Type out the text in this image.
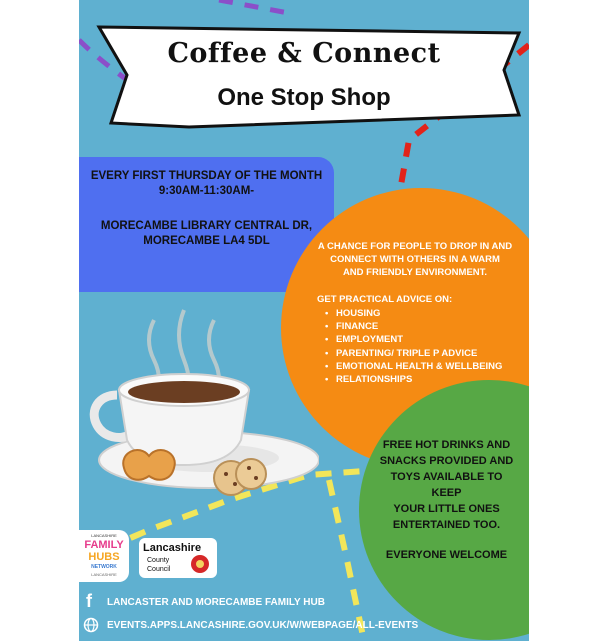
Coffee & Connect
One Stop Shop
EVERY FIRST THURSDAY OF THE MONTH
9:30AM-11:30AM-
MORECAMBE LIBRARY CENTRAL DR,
MORECAMBE LA4 5DL	A CHANCE FOR PEOPLE TO DROP IN AND
CONNECT WITH OTHERS IN A WARM
AND FRIENDLY ENVIRONMENT.
GET PRACTICAL ADVICE ON:
• HOUSING
• FINANCE
• EMPLOYMENT
• PARENTING/ TRIPLE P ADVICE
• EMOTIONAL HEALTH & WELLBEING
• RELATIONSHIPS
FREE HOT DRINKS AND
SNACKS PROVIDED AND
TOYS AVAILABLE TO KEEP
YOUR LITTLE ONES
ENTERTAINED TOO.
EVERYONE WELCOME
LANCASHIRE
FAMILY
HUBS
NETWORK
LANCASHIRE
Lancashire
County
Council
f LANCASTER AND MORECAMBE FAMILY HUB
EVENTS.APPS.LANCASHIRE.GOV.UK/W/WEBPAGE/ALL-EVENTS
